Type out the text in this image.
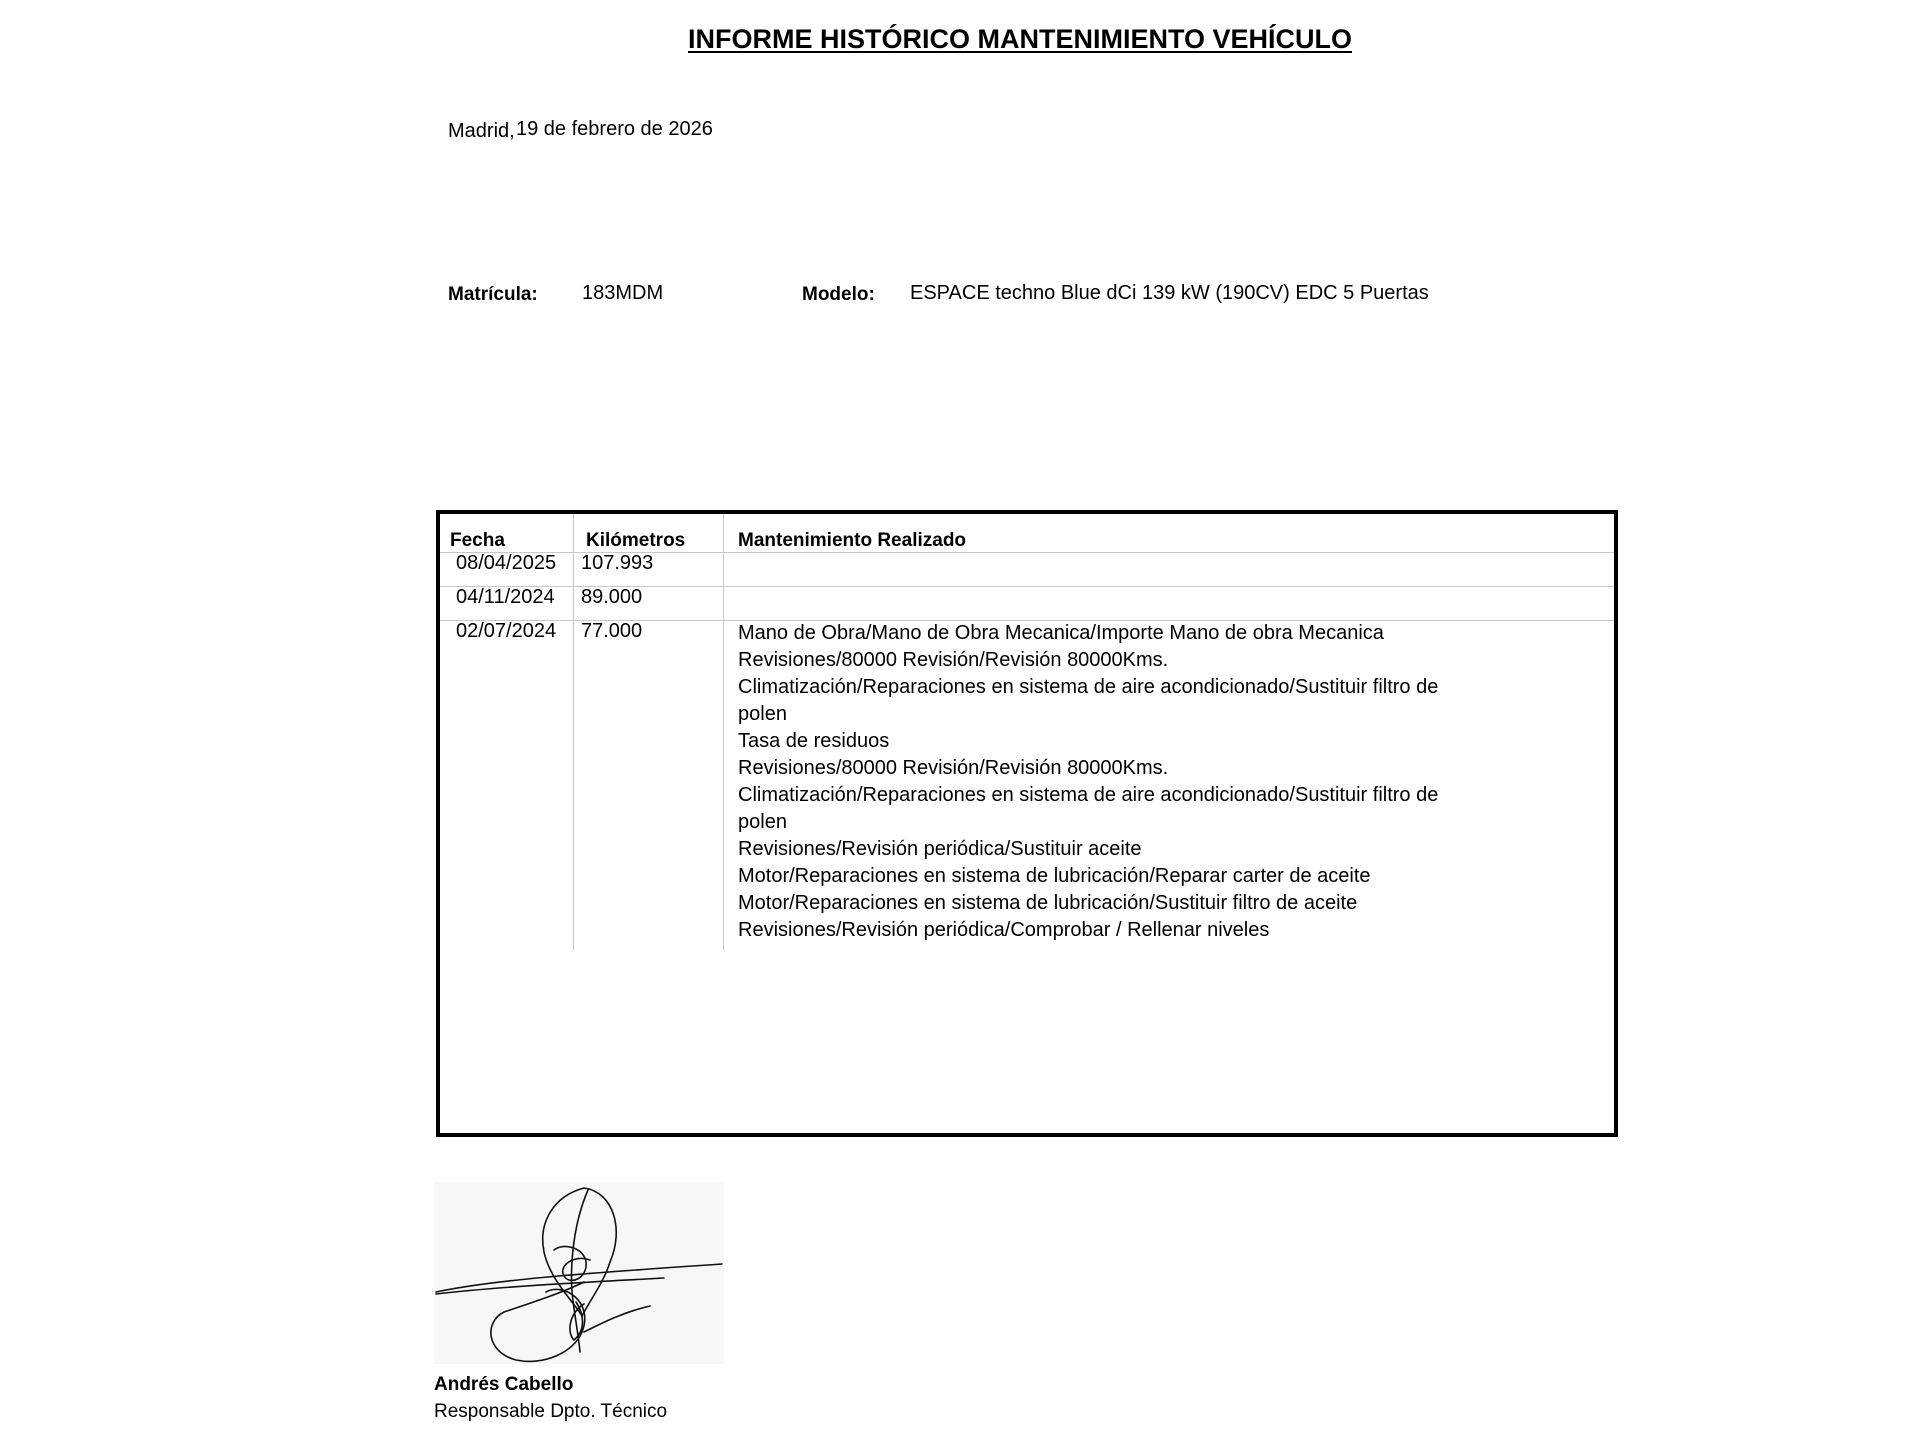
INFORME HISTÓRICO MANTENIMIENTO VEHÍCULO
Madrid, 19 de febrero de 2026
Matrícula: 183MDM	Modelo: ESPACE techno Blue dCi 139 kW (190CV) EDC 5 Puertas
Fecha	Kilómetros	Mantenimiento Realizado
08/04/2025 107.993
04/11/2024 89.000
02/07/2024 77.000	Mano de Obra/Mano de Obra Mecanica/Importe Mano de obra Mecanica
Revisiones/80000 Revisión/Revisión 80000Kms.
Climatización/Reparaciones en sistema de aire acondicionado/Sustituir filtro de
polen
Tasa de residuos
Revisiones/80000 Revisión/Revisión 80000Kms.
Climatización/Reparaciones en sistema de aire acondicionado/Sustituir filtro de
polen
Revisiones/Revisión periódica/Sustituir aceite
Motor/Reparaciones en sistema de lubricación/Reparar carter de aceite
Motor/Reparaciones en sistema de lubricación/Sustituir filtro de aceite
Revisiones/Revisión periódica/Comprobar / Rellenar niveles
Andrés Cabello
Responsable Dpto. Técnico
